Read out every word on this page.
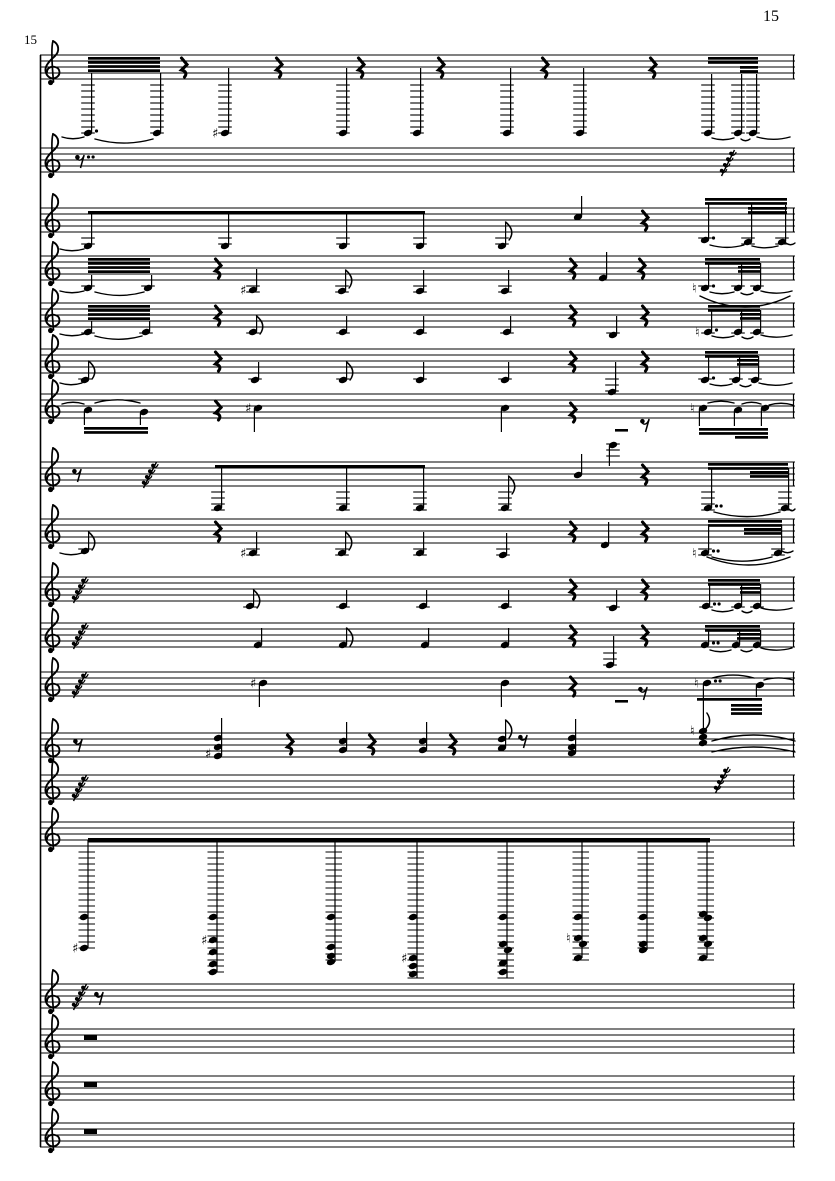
15
15
♯
♯	♮
♮
♯	♮
♯	♮
♯	♮
♯
♮
♯
♯
♯
♮
